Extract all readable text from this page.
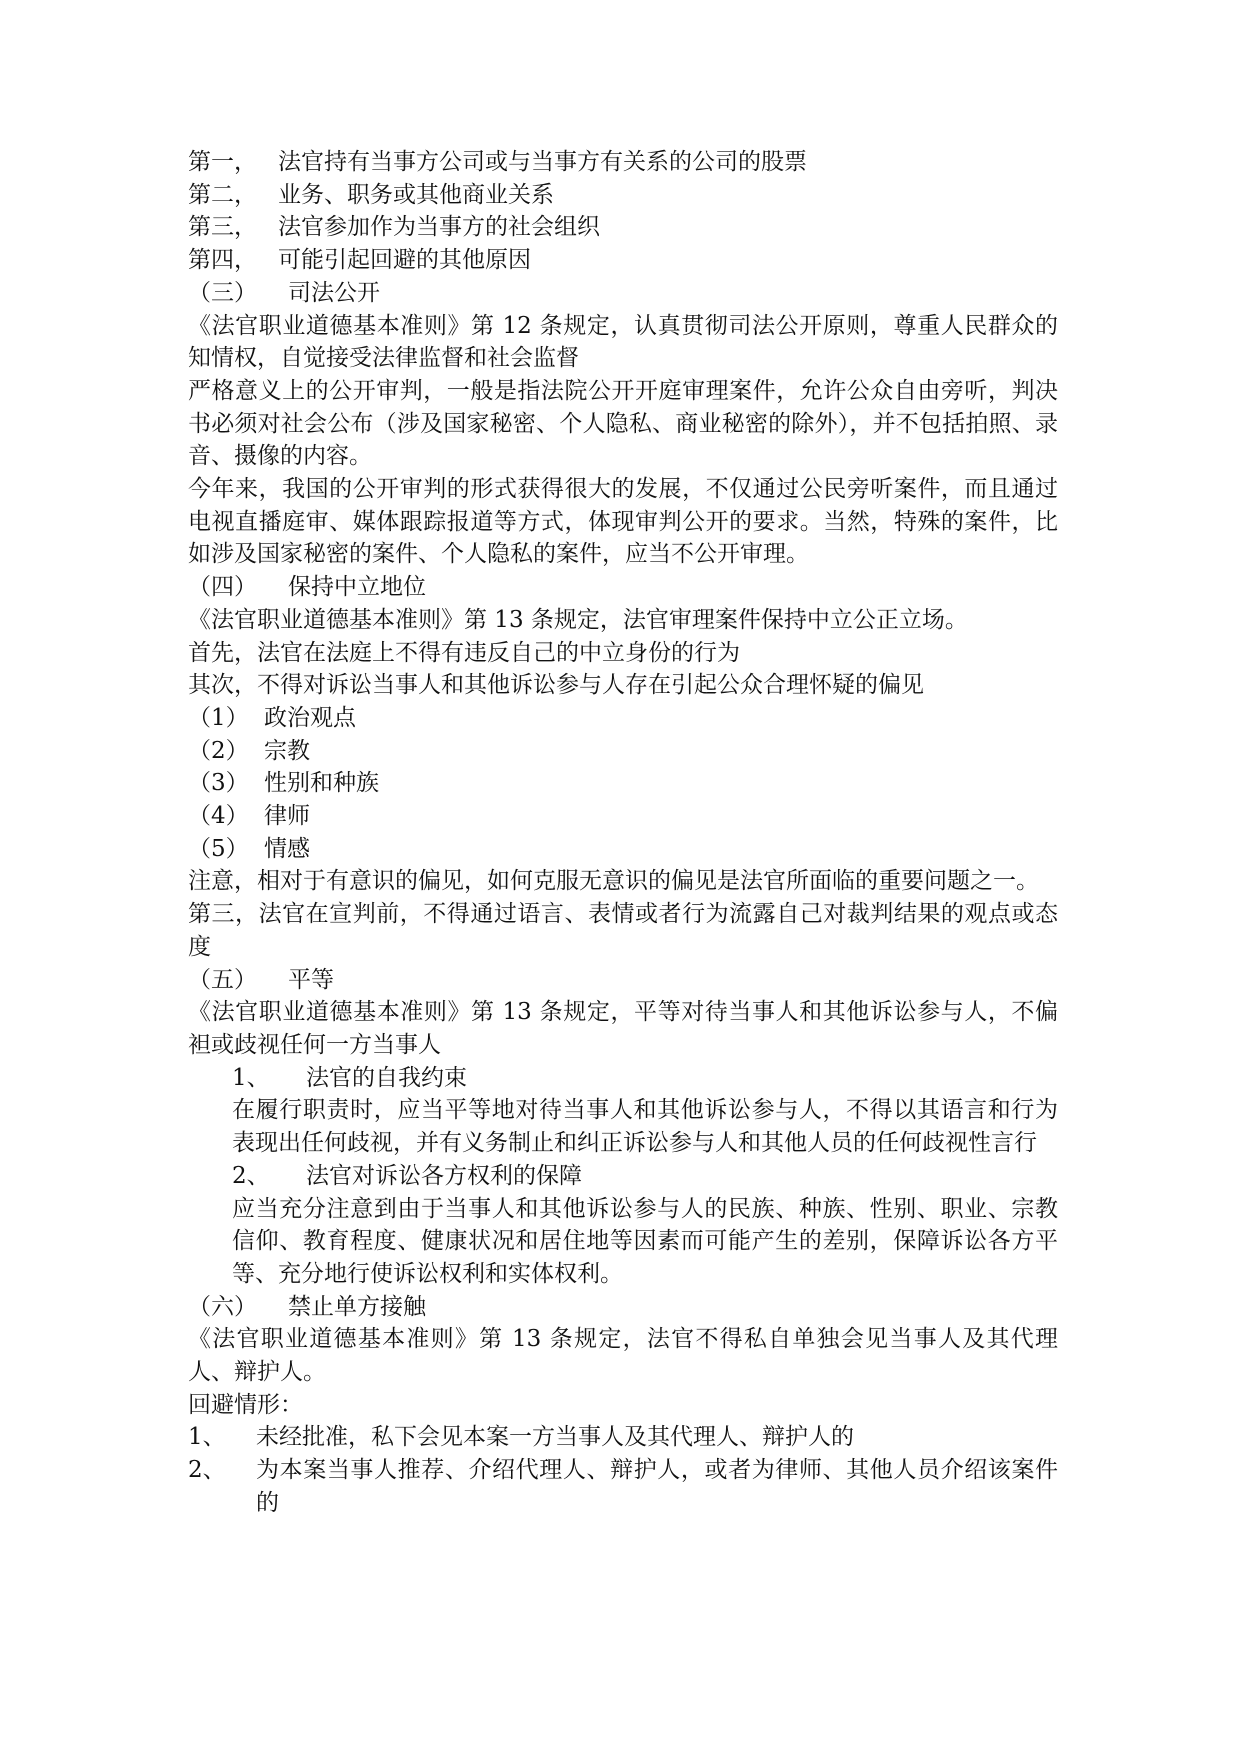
第一， 法官持有当事方公司或与当事方有关系的公司的股票
第二， 业务、职务或其他商业关系
第三， 法官参加作为当事方的社会组织
第四， 可能引起回避的其他原因
（三）	司法公开
《法官职业道德基本准则》第 12 条规定，认真贯彻司法公开原则，尊重人民群众的知情权，自觉接受法律监督和社会监督
严格意义上的公开审判，一般是指法院公开开庭审理案件，允许公众自由旁听，判决书必须对社会公布（涉及国家秘密、个人隐私、商业秘密的除外），并不包括拍照、录音、摄像的内容。
今年来，我国的公开审判的形式获得很大的发展，不仅通过公民旁听案件，而且通过电视直播庭审、媒体跟踪报道等方式，体现审判公开的要求。当然，特殊的案件，比如涉及国家秘密的案件、个人隐私的案件，应当不公开审理。
（四）	保持中立地位
《法官职业道德基本准则》第 13 条规定，法官审理案件保持中立公正立场。
首先，法官在法庭上不得有违反自己的中立身份的行为
其次，不得对诉讼当事人和其他诉讼参与人存在引起公众合理怀疑的偏见
（1） 政治观点
（2） 宗教
（3） 性别和种族
（4） 律师
（5） 情感
注意，相对于有意识的偏见，如何克服无意识的偏见是法官所面临的重要问题之一。
第三，法官在宣判前，不得通过语言、表情或者行为流露自己对裁判结果的观点或态度
（五）	平等
《法官职业道德基本准则》第 13 条规定，平等对待当事人和其他诉讼参与人，不偏袒或歧视任何一方当事人
1、	法官的自我约束
在履行职责时，应当平等地对待当事人和其他诉讼参与人，不得以其语言和行为表现出任何歧视，并有义务制止和纠正诉讼参与人和其他人员的任何歧视性言行
2、	法官对诉讼各方权利的保障
应当充分注意到由于当事人和其他诉讼参与人的民族、种族、性别、职业、宗教信仰、教育程度、健康状况和居住地等因素而可能产生的差别，保障诉讼各方平等、充分地行使诉讼权利和实体权利。
（六）	禁止单方接触
《法官职业道德基本准则》第 13 条规定，法官不得私自单独会见当事人及其代理人、辩护人。
回避情形：
1、	未经批准，私下会见本案一方当事人及其代理人、辩护人的
2、	为本案当事人推荐、介绍代理人、辩护人，或者为律师、其他人员介绍该案件的
